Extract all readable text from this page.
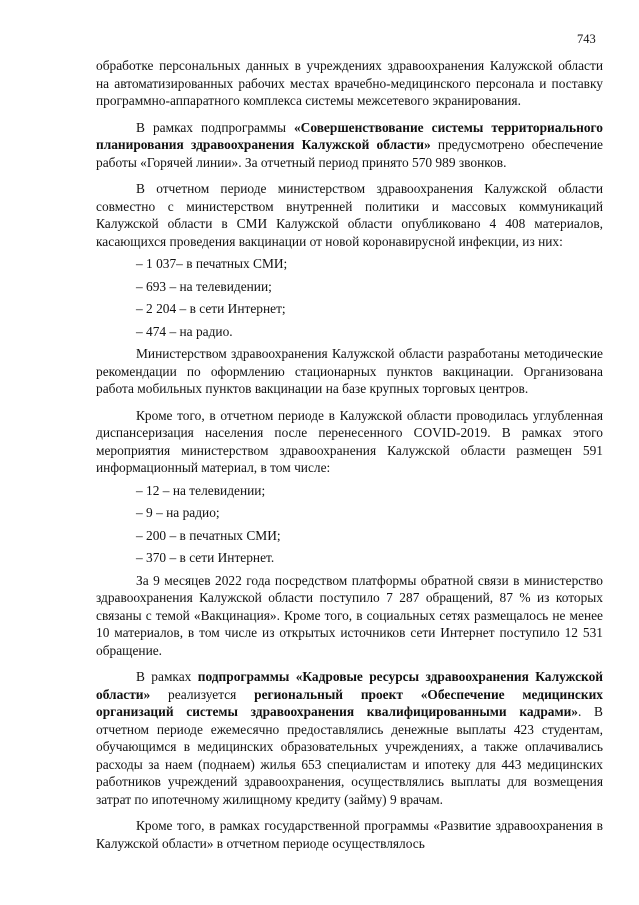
743

обработке персональных данных в учреждениях здравоохранения Калужской области на автоматизированных рабочих местах врачебно-медицинского персонала и поставку программно-аппаратного комплекса системы межсетевого экранирования.

В рамках подпрограммы «Совершенствование системы территориального планирования здравоохранения Калужской области» предусмотрено обеспечение работы «Горячей линии». За отчетный период принято 570 989 звонков.

В отчетном периоде министерством здравоохранения Калужской области совместно с министерством внутренней политики и массовых коммуникаций Калужской области в СМИ Калужской области опубликовано 4 408 материалов, касающихся проведения вакцинации от новой коронавирусной инфекции, из них:

– 1 037– в печатных СМИ;

– 693 – на телевидении;

– 2 204 – в сети Интернет;

– 474 – на радио.

Министерством здравоохранения Калужской области разработаны методические рекомендации по оформлению стационарных пунктов вакцинации. Организована работа мобильных пунктов вакцинации на базе крупных торговых центров.

Кроме того, в отчетном периоде в Калужской области проводилась углубленная диспансеризация населения после перенесенного COVID-2019. В рамках этого мероприятия министерством здравоохранения Калужской области размещен 591 информационный материал, в том числе:

– 12 – на телевидении;

– 9 – на радио;

– 200 – в печатных СМИ;

– 370 – в сети Интернет.

За 9 месяцев 2022 года посредством платформы обратной связи в министерство здравоохранения Калужской области поступило 7 287 обращений, 87 % из которых связаны с темой «Вакцинация». Кроме того, в социальных сетях размещалось не менее 10 материалов, в том числе из открытых источников сети Интернет поступило 12 531 обращение.

В рамках подпрограммы «Кадровые ресурсы здравоохранения Калужской области» реализуется региональный проект «Обеспечение медицинских организаций системы здравоохранения квалифицированными кадрами». В отчетном периоде ежемесячно предоставлялись денежные выплаты 423 студентам, обучающимся в медицинских образовательных учреждениях, а также оплачивались расходы за наем (поднаем) жилья 653 специалистам и ипотеку для 443 медицинских работников учреждений здравоохранения, осуществлялись выплаты для возмещения затрат по ипотечному жилищному кредиту (займу) 9 врачам.

Кроме того, в рамках государственной программы «Развитие здравоохранения в Калужской области» в отчетном периоде осуществлялось
